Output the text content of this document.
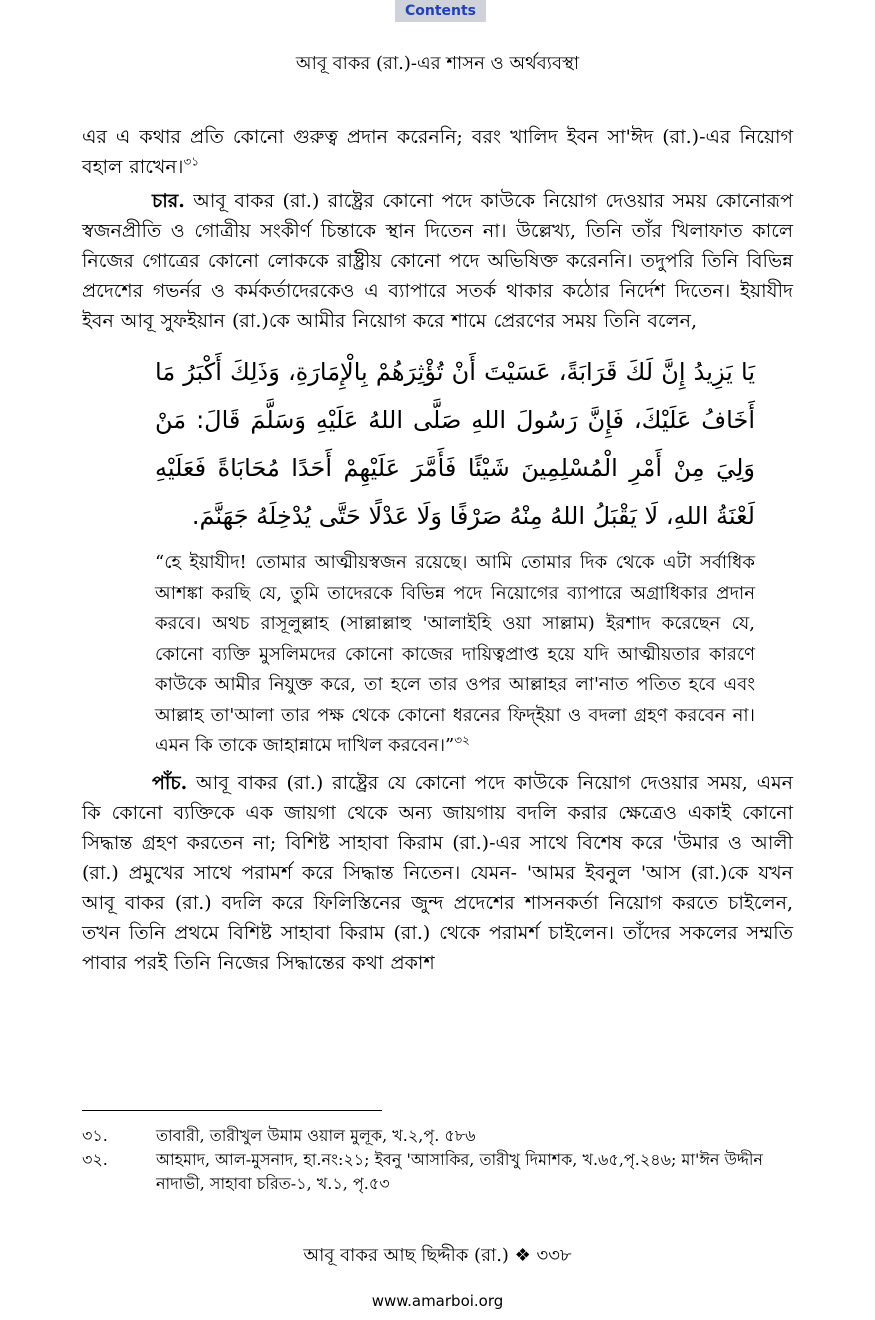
Contents
আবূ বাকর (রা.)-এর শাসন ও অর্থব্যবস্থা

এর এ কথার প্রতি কোনো গুরুত্ব প্রদান করেননি; বরং খালিদ ইবন সা'ঈদ (রা.)-এর নিয়োগ বহাল রাখেন।$^{৩১}$

চার. আবূ বাকর (রা.) রাষ্ট্রের কোনো পদে কাউকে নিয়োগ দেওয়ার সময় কোনোরূপ স্বজনপ্রীতি ও গোত্রীয় সংকীর্ণ চিন্তাকে স্থান দিতেন না। উল্লেখ্য, তিনি তাঁর খিলাফাত কালে নিজের গোত্রের কোনো লোককে রাষ্ট্রীয় কোনো পদে অভিষিক্ত করেননি। তদুপরি তিনি বিভিন্ন প্রদেশের গভর্নর ও কর্মকর্তাদেরকেও এ ব্যাপারে সতর্ক থাকার কঠোর নির্দেশ দিতেন। ইয়াযীদ ইবন আবূ সুফইয়ান (রা.)কে আমীর নিয়োগ করে শামে প্রেরণের সময় তিনি বলেন,

يَا يَزِيدُ إِنَّ لَكَ قَرَابَةً، عَسَيْتَ أَنْ تُؤْثِرَهُمْ بِالْإِمَارَةِ، وَذَلِكَ أَكْبَرُ مَا أَخَافُ عَلَيْكَ، فَإِنَّ رَسُولَ اللهِ صَلَّى اللهُ عَلَيْهِ وَسَلَّمَ قَالَ: مَنْ وَلِيَ مِنْ أَمْرِ الْمُسْلِمِينَ شَيْئًا فَأَمَّرَ عَلَيْهِمْ أَحَدًا مُحَابَاةً فَعَلَيْهِ لَعْنَةُ اللهِ، لَا يَقْبَلُ اللهُ مِنْهُ صَرْفًا وَلَا عَدْلًا حَتَّى يُدْخِلَهُ جَهَنَّمَ.

“হে ইয়াযীদ! তোমার আত্মীয়স্বজন রয়েছে। আমি তোমার দিক থেকে এটা সর্বাধিক আশঙ্কা করছি যে, তুমি তাদেরকে বিভিন্ন পদে নিয়োগের ব্যাপারে অগ্রাধিকার প্রদান করবে। অথচ রাসূলুল্লাহ (সাল্লাল্লাহু 'আলাইহি ওয়া সাল্লাম) ইরশাদ করেছেন যে, কোনো ব্যক্তি মুসলিমদের কোনো কাজের দায়িত্বপ্রাপ্ত হয়ে যদি আত্মীয়তার কারণে কাউকে আমীর নিযুক্ত করে, তা হলে তার ওপর আল্লাহর লা'নাত পতিত হবে এবং আল্লাহ তা'আলা তার পক্ষ থেকে কোনো ধরনের ফিদ্‌ইয়া ও বদলা গ্রহণ করবেন না। এমন কি তাকে জাহান্নামে দাখিল করবেন।”$^{৩২}$

পাঁচ. আবূ বাকর (রা.) রাষ্ট্রের যে কোনো পদে কাউকে নিয়োগ দেওয়ার সময়, এমন কি কোনো ব্যক্তিকে এক জায়গা থেকে অন্য জায়গায় বদলি করার ক্ষেত্রেও একাই কোনো সিদ্ধান্ত গ্রহণ করতেন না; বিশিষ্ট সাহাবা কিরাম (রা.)-এর সাথে বিশেষ করে 'উমার ও আলী (রা.) প্রমুখের সাথে পরামর্শ করে সিদ্ধান্ত নিতেন। যেমন- 'আমর ইবনুল 'আস (রা.)কে যখন আবূ বাকর (রা.) বদলি করে ফিলিস্তিনের জুন্দ প্রদেশের শাসনকর্তা নিয়োগ করতে চাইলেন, তখন তিনি প্রথমে বিশিষ্ট সাহাবা কিরাম (রা.) থেকে পরামর্শ চাইলেন। তাঁদের সকলের সম্মতি পাবার পরই তিনি নিজের সিদ্ধান্তের কথা প্রকাশ

৩১.	তাবারী, তারীখুল উমাম ওয়াল মুলূক, খ.২,পৃ. ৫৮৬
৩২.	আহমাদ, আল-মুসনাদ, হা.নং:২১; ইবনু 'আসাকির, তারীখু দিমাশক, খ.৬৫,পৃ.২৪৬; মা'ঈন উদ্দীন নাদাভী, সাহাবা চরিত-১, খ.১, পৃ.৫৩
আবূ বাকর আছ ছিদ্দীক (রা.) ❖ ৩৩৮
www.amarboi.org
